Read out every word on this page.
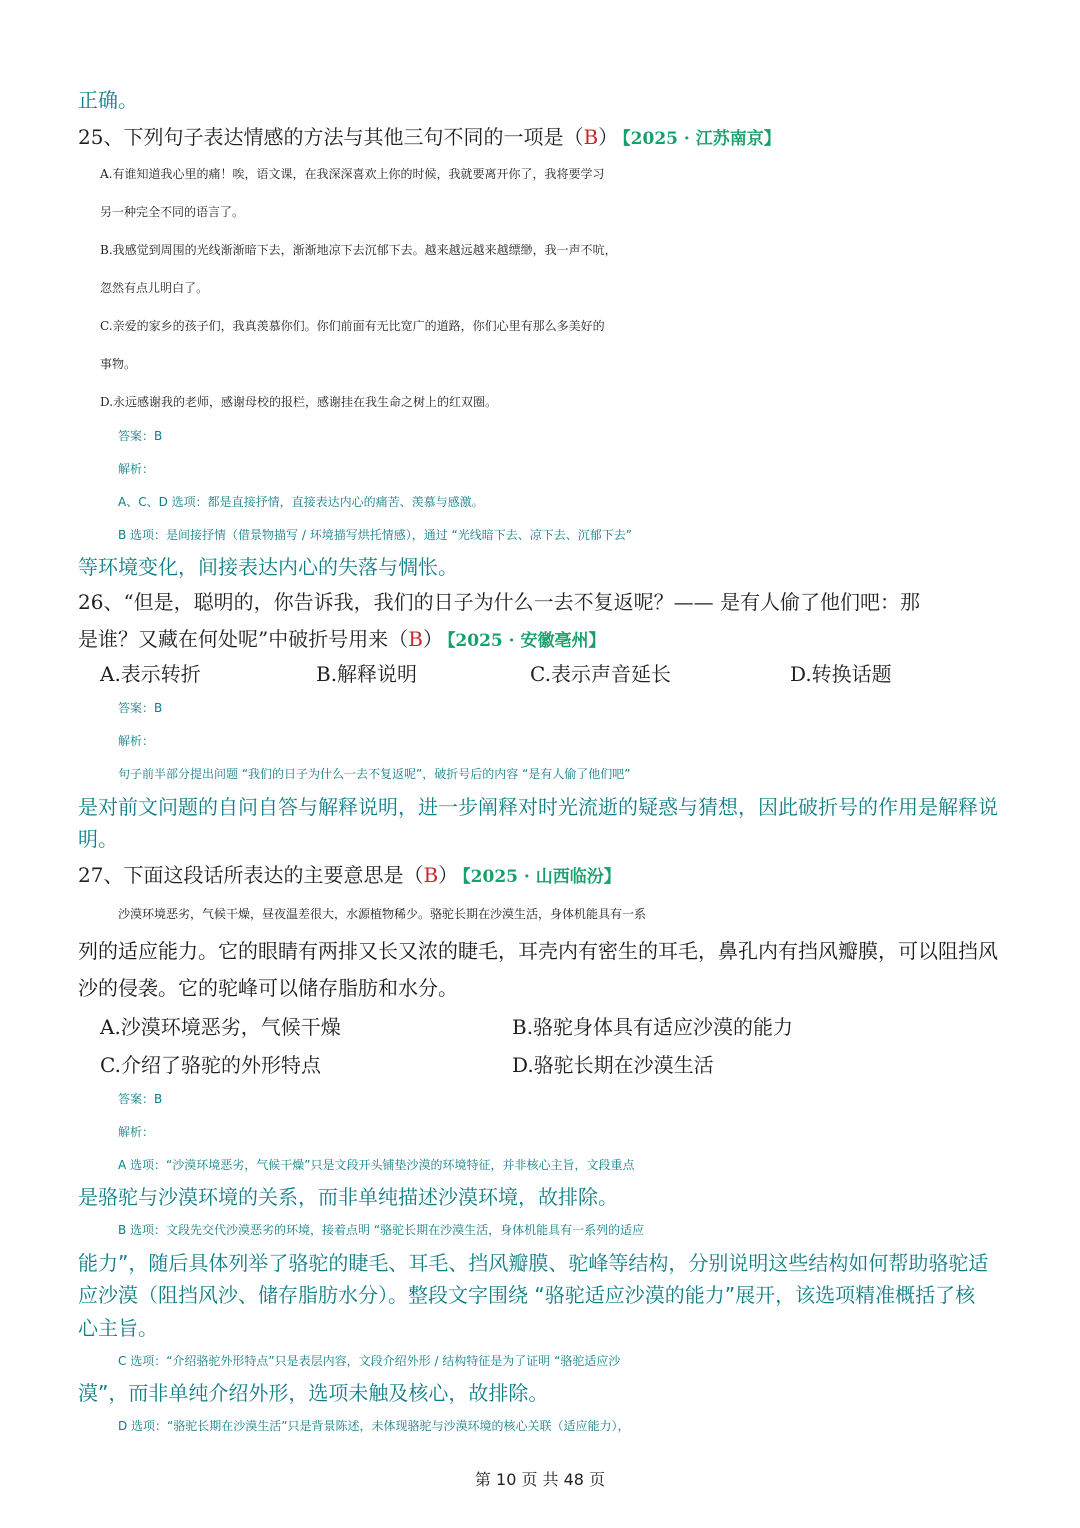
正确。
25、下列句子表达情感的方法与其他三句不同的一项是（B） 【2025 · 江苏南京】
A.有谁知道我心里的痛！唉，语文课，在我深深喜欢上你的时候，我就要离开你了，我将要学习
另一种完全不同的语言了。
B.我感觉到周围的光线渐渐暗下去，渐渐地凉下去沉郁下去。越来越远越来越缥缈，我一声不吭，
忽然有点儿明白了。
C.亲爱的家乡的孩子们，我真羡慕你们。你们前面有无比宽广的道路，你们心里有那么多美好的
事物。
D.永远感谢我的老师，感谢母校的报栏，感谢挂在我生命之树上的红双圈。
答案：B
解析：
A、C、D 选项：都是直接抒情，直接表达内心的痛苦、羡慕与感激。
B 选项：是间接抒情（借景物描写 / 环境描写烘托情感），通过 “光线暗下去、凉下去、沉郁下去”
等环境变化，间接表达内心的失落与惆怅。
26、“但是，聪明的，你告诉我，我们的日子为什么一去不复返呢？—— 是有人偷了他们吧：那
是谁？又藏在何处呢”中破折号用来（B） 【2025 · 安徽亳州】
A.表示转折	B.解释说明	C.表示声音延长	D.转换话题
答案：B
解析：
句子前半部分提出问题 “我们的日子为什么一去不复返呢”，破折号后的内容 “是有人偷了他们吧”
是对前文问题的自问自答与解释说明，进一步阐释对时光流逝的疑惑与猜想，因此破折号的作用是解释说
明。
27、下面这段话所表达的主要意思是（B） 【2025 · 山西临汾】
沙漠环境恶劣，气候干燥，昼夜温差很大，水源植物稀少。骆驼长期在沙漠生活，身体机能具有一系
列的适应能力。它的眼睛有两排又长又浓的睫毛，耳壳内有密生的耳毛，鼻孔内有挡风瓣膜，可以阻挡风
沙的侵袭。它的驼峰可以储存脂肪和水分。
A.沙漠环境恶劣，气候干燥	B.骆驼身体具有适应沙漠的能力
C.介绍了骆驼的外形特点	D.骆驼长期在沙漠生活
答案：B
解析：
A 选项：“沙漠环境恶劣，气候干燥”只是文段开头铺垫沙漠的环境特征，并非核心主旨，文段重点
是骆驼与沙漠环境的关系，而非单纯描述沙漠环境，故排除。
B 选项：文段先交代沙漠恶劣的环境，接着点明 “骆驼长期在沙漠生活，身体机能具有一系列的适应
能力”，随后具体列举了骆驼的睫毛、耳毛、挡风瓣膜、驼峰等结构，分别说明这些结构如何帮助骆驼适
应沙漠（阻挡风沙、储存脂肪水分）。整段文字围绕 “骆驼适应沙漠的能力”展开，该选项精准概括了核
心主旨。
C 选项：“介绍骆驼外形特点”只是表层内容，文段介绍外形 / 结构特征是为了证明 “骆驼适应沙
漠”，而非单纯介绍外形，选项未触及核心，故排除。
D 选项：“骆驼长期在沙漠生活”只是背景陈述，未体现骆驼与沙漠环境的核心关联（适应能力），
第 10 页 共 48 页
